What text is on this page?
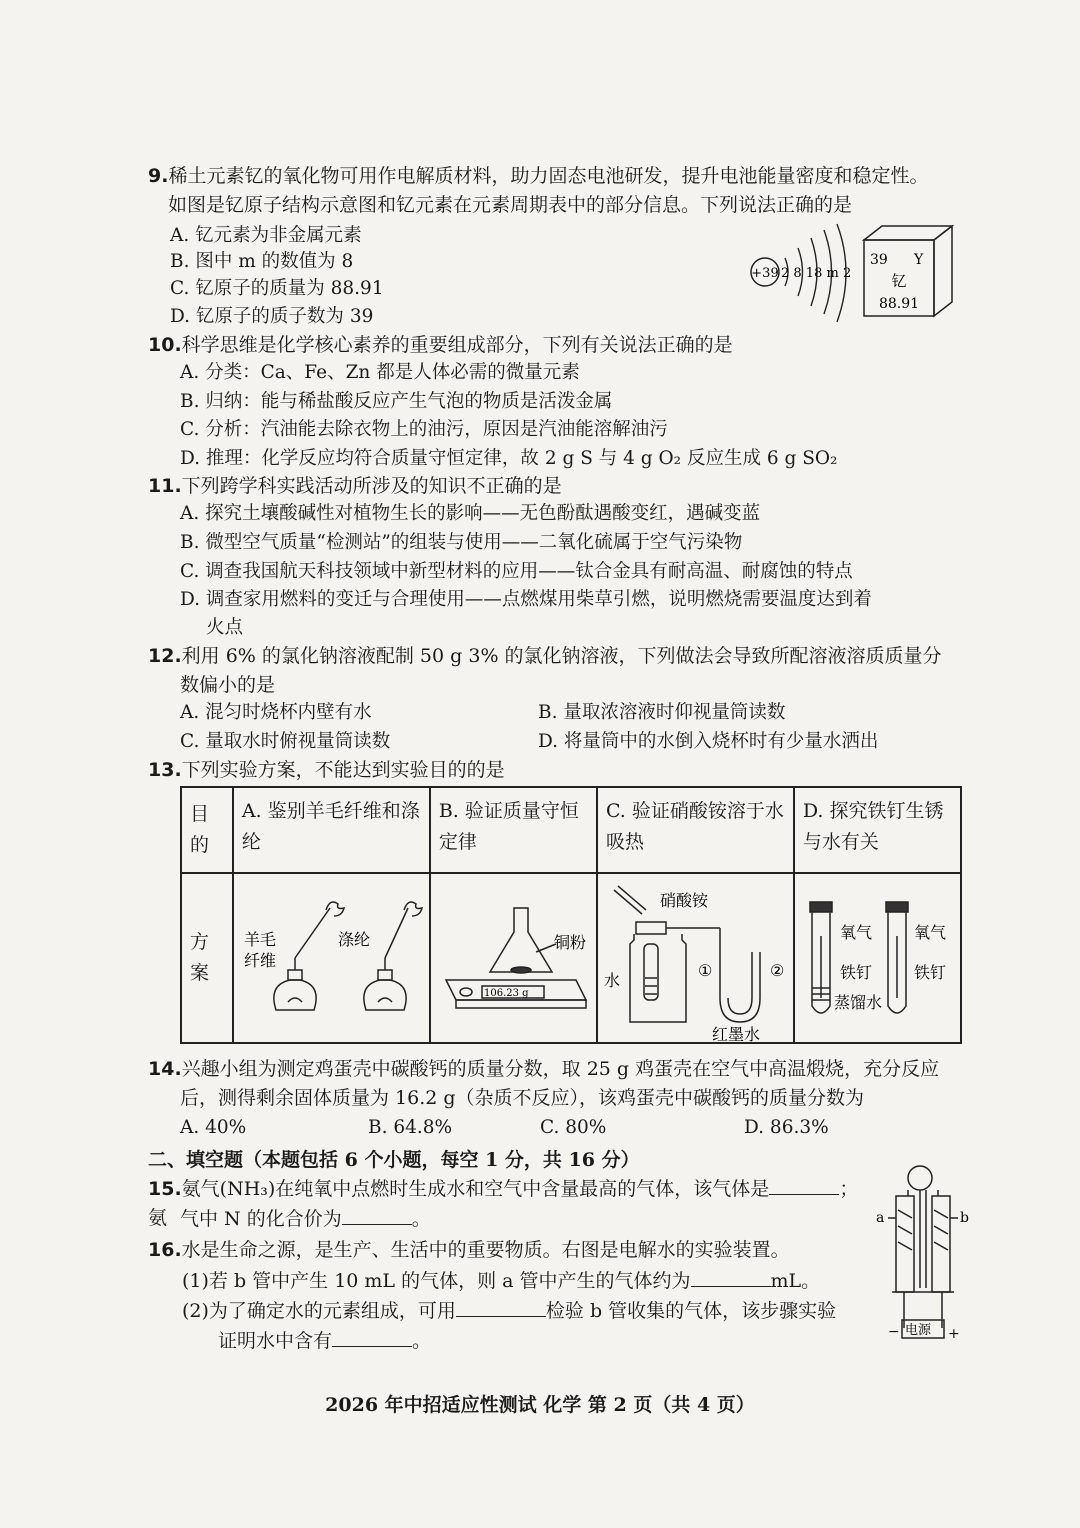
9.稀土元素钇的氧化物可用作电解质材料，助力固态电池研发，提升电池能量密度和稳定性。
如图是钇原子结构示意图和钇元素在元素周期表中的部分信息。下列说法正确的是
A. 钇元素为非金属元素
B. 图中 m 的数值为 8
C. 钇原子的质量为 88.91
D. 钇原子的质子数为 39
+39 2 8 18 m 2
39 Y
钇
88.91
10.科学思维是化学核心素养的重要组成部分，下列有关说法正确的是
A. 分类：Ca、Fe、Zn 都是人体必需的微量元素
B. 归纳：能与稀盐酸反应产生气泡的物质是活泼金属
C. 分析：汽油能去除衣物上的油污，原因是汽油能溶解油污
D. 推理：化学反应均符合质量守恒定律，故 2 g S 与 4 g O₂ 反应生成 6 g SO₂
11.下列跨学科实践活动所涉及的知识不正确的是
A. 探究土壤酸碱性对植物生长的影响——无色酚酞遇酸变红，遇碱变蓝
B. 微型空气质量“检测站”的组装与使用——二氧化硫属于空气污染物
C. 调查我国航天科技领域中新型材料的应用——钛合金具有耐高温、耐腐蚀的特点
D. 调查家用燃料的变迁与合理使用——点燃煤用柴草引燃，说明燃烧需要温度达到着
火点
12.利用 6% 的氯化钠溶液配制 50 g 3% 的氯化钠溶液，下列做法会导致所配溶液溶质质量分
数偏小的是
A. 混匀时烧杯内壁有水	B. 量取浓溶液时仰视量筒读数
C. 量取水时俯视量筒读数	D. 将量筒中的水倒入烧杯时有少量水洒出
13.下列实验方案，不能达到实验目的的是
目的	A. 鉴别羊毛纤维和涤纶	B. 验证质量守恒定律	C. 验证硝酸铵溶于水吸热	D. 探究铁钉生锈与水有关
方案				
羊毛
纤维
涤纶
106.23 g
铜粉
硝酸铵
水
①	②
红墨水
氧气
铁钉
蒸馏水
氧气
铁钉
14.兴趣小组为测定鸡蛋壳中碳酸钙的质量分数，取 25 g 鸡蛋壳在空气中高温煅烧，充分反应
后，测得剩余固体质量为 16.2 g（杂质不反应），该鸡蛋壳中碳酸钙的质量分数为
A. 40%	B. 64.8%	C. 80%	D. 86.3%
二、填空题（本题包括 6 个小题，每空 1 分，共 16 分）
15.氨气(NH₃)在纯氧中点燃时生成水和空气中含量最高的气体，该气体是	；氨 气中 N 的化合价为	。
16.水是生命之源，是生产、生活中的重要物质。右图是电解水的实验装置。
(1)若 b 管中产生 10 mL 的气体，则 a 管中产生的气体约为	mL。
(2)为了确定水的元素组成，可用	检验 b 管收集的气体，该步骤实验
证明水中含有	。
a	b
电源
−	+
2026 年中招适应性测试 化学 第 2 页（共 4 页）
